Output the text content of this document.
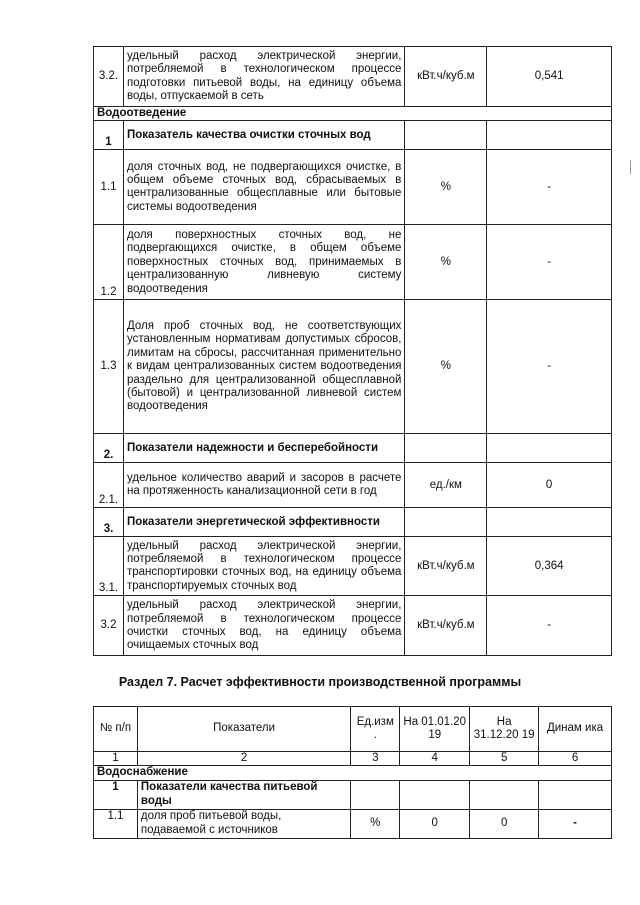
3.2.	удельный расход электрической энергии, потребляемой в технологическом процессе подготовки питьевой воды, на единицу объема воды, отпускаемой в сеть	кВт.ч/куб.м	0,541
Водоотведение			
1	Показатель качества очистки сточных вод		
1.1	доля сточных вод, не подвергающихся очистке, в общем объеме сточных вод, сбрасываемых в централизованные общесплавные или бытовые системы водоотведения	%	-
1.2	доля поверхностных сточных вод, не подвергающихся очистке, в общем объеме поверхностных сточных вод, принимаемых в централизованную ливневую систему водоотведения	%	-
1.3	Доля проб сточных вод, не соответствующих установленным нормативам допустимых сбросов, лимитам на сбросы, рассчитанная применительно к видам централизованных систем водоотведения раздельно для централизованной общесплавной (бытовой) и централизованной ливневой систем водоотведения	%	-
2.	Показатели надежности и бесперебойности		
2.1.	удельное количество аварий и засоров в расчете на протяженность канализационной сети в год	ед./км	0
3.	Показатели энергетической эффективности		
3.1.	удельный расход электрической энергии, потребляемой в технологическом процессе транспортировки сточных вод, на единицу объема транспортируемых сточных вод	кВт.ч/куб.м	0,364
3.2	удельный расход электрической энергии, потребляемой в технологическом процессе очистки сточных вод, на единицу объема очищаемых сточных вод	кВт.ч/куб.м	-
Раздел 7. Расчет эффективности производственной программы
№ п/п	Показатели	Ед.изм .	На 01.01.20 19	На 31.12.20 19	Динам ика
1	2	3	4	5	6
Водоснабжение					
1	Показатели качества питьевой воды				
1.1	доля проб питьевой воды, подаваемой с источников	%	0	0	-
